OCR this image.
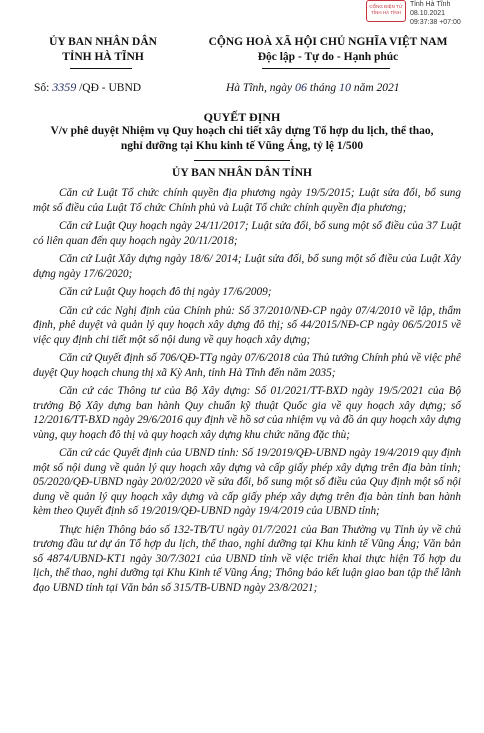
CỔNG ĐIỆN TỬ TỈNH HÀ TĨNH
Tỉnh Hà Tĩnh
08.10.2021
09:37:38 +07:00
ỦY BAN NHÂN DÂN
TỈNH HÀ TĨNH
CỘNG HOÀ XÃ HỘI CHỦ NGHĨA VIỆT NAM
Độc lập - Tự do - Hạnh phúc
Số: 3359 /QĐ - UBND	Hà Tĩnh, ngày 06 tháng 10 năm 2021
QUYẾT ĐỊNH
V/v phê duyệt Nhiệm vụ Quy hoạch chi tiết xây dựng Tổ hợp du lịch, thể thao, nghỉ dưỡng tại Khu kinh tế Vũng Áng, tỷ lệ 1/500
ỦY BAN NHÂN DÂN TỈNH

Căn cứ Luật Tổ chức chính quyền địa phương ngày 19/5/2015; Luật sửa đổi, bổ sung một số điều của Luật Tổ chức Chính phủ và Luật Tổ chức chính quyền địa phương;

Căn cứ Luật Quy hoạch ngày 24/11/2017; Luật sửa đổi, bổ sung một số điều của 37 Luật có liên quan đến quy hoạch ngày 20/11/2018;

Căn cứ Luật Xây dựng ngày 18/6/ 2014; Luật sửa đổi, bổ sung một số điều của Luật Xây dựng ngày 17/6/2020;

Căn cứ Luật Quy hoạch đô thị ngày 17/6/2009;

Căn cứ các Nghị định của Chính phủ: Số 37/2010/NĐ-CP ngày 07/4/2010 về lập, thẩm định, phê duyệt và quản lý quy hoạch xây dựng đô thị; số 44/2015/NĐ-CP ngày 06/5/2015 về việc quy định chi tiết một số nội dung về quy hoạch xây dựng;

Căn cứ Quyết định số 706/QĐ-TTg ngày 07/6/2018 của Thủ tướng Chính phủ về việc phê duyệt Quy hoạch chung thị xã Kỳ Anh, tỉnh Hà Tĩnh đến năm 2035;

Căn cứ các Thông tư của Bộ Xây dựng: Số 01/2021/TT-BXD ngày 19/5/2021 của Bộ trưởng Bộ Xây dựng ban hành Quy chuẩn kỹ thuật Quốc gia về quy hoạch xây dựng; số 12/2016/TT-BXD ngày 29/6/2016 quy định về hồ sơ của nhiệm vụ và đồ án quy hoạch xây dựng vùng, quy hoạch đô thị và quy hoạch xây dựng khu chức năng đặc thù;

Căn cứ các Quyết định của UBND tỉnh: Số 19/2019/QĐ-UBND ngày 19/4/2019 quy định một số nội dung về quản lý quy hoạch xây dựng và cấp giấy phép xây dựng trên địa bàn tỉnh; 05/2020/QĐ-UBND ngày 20/02/2020 về sửa đổi, bổ sung một số điều của Quy định một số nội dung về quản lý quy hoạch xây dựng và cấp giấy phép xây dựng trên địa bàn tỉnh ban hành kèm theo Quyết định số 19/2019/QĐ-UBND ngày 19/4/2019 của UBND tỉnh;

Thực hiện Thông báo số 132-TB/TU ngày 01/7/2021 của Ban Thường vụ Tỉnh ủy về chủ trương đầu tư dự án Tổ hợp du lịch, thể thao, nghỉ dưỡng tại Khu kinh tế Vũng Áng; Văn bản số 4874/UBND-KT1 ngày 30/7/3021 của UBND tỉnh về việc triển khai thực hiện Tổ hợp du lịch, thể thao, nghỉ dưỡng tại Khu Kinh tế Vũng Áng; Thông báo kết luận giao ban tập thể lãnh đạo UBND tỉnh tại Văn bản số 315/TB-UBND ngày 23/8/2021;
